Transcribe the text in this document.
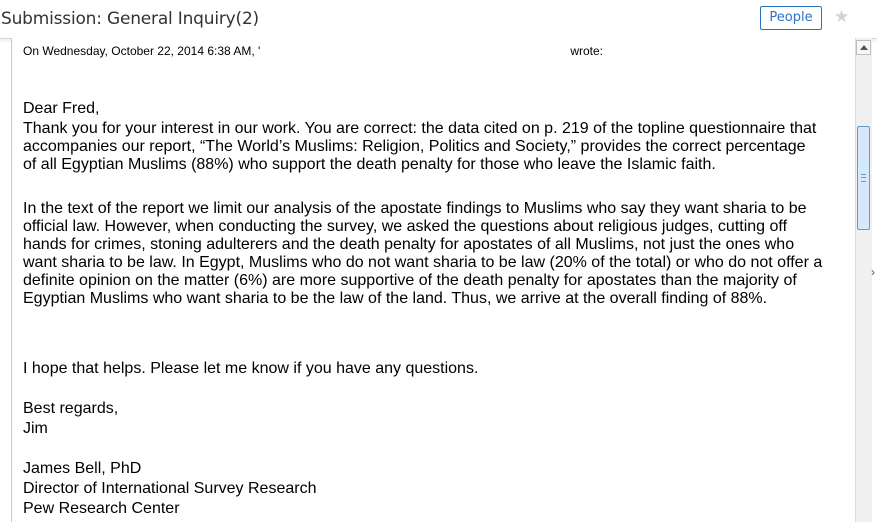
Submission: General Inquiry(2)	People	★
On Wednesday, October 22, 2014 6:38 AM, '	wrote:
Dear Fred,
Thank you for your interest in our work. You are correct: the data cited on p. 219 of the topline questionnaire that accompanies our report, “The World’s Muslims: Religion, Politics and Society,” provides the correct percentage of all Egyptian Muslims (88%) who support the death penalty for those who leave the Islamic faith.
In the text of the report we limit our analysis of the apostate findings to Muslims who say they want sharia to be official law. However, when conducting the survey, we asked the questions about religious judges, cutting off hands for crimes, stoning adulterers and the death penalty for apostates of all Muslims, not just the ones who want sharia to be law. In Egypt, Muslims who do not want sharia to be law (20% of the total) or who do not offer a definite opinion on the matter (6%) are more supportive of the death penalty for apostates than the majority of Egyptian Muslims who want sharia to be the law of the land. Thus, we arrive at the overall finding of 88%.
I hope that helps. Please let me know if you have any questions.
Best regards,
Jim
James Bell, PhD
Director of International Survey Research
Pew Research Center
›
